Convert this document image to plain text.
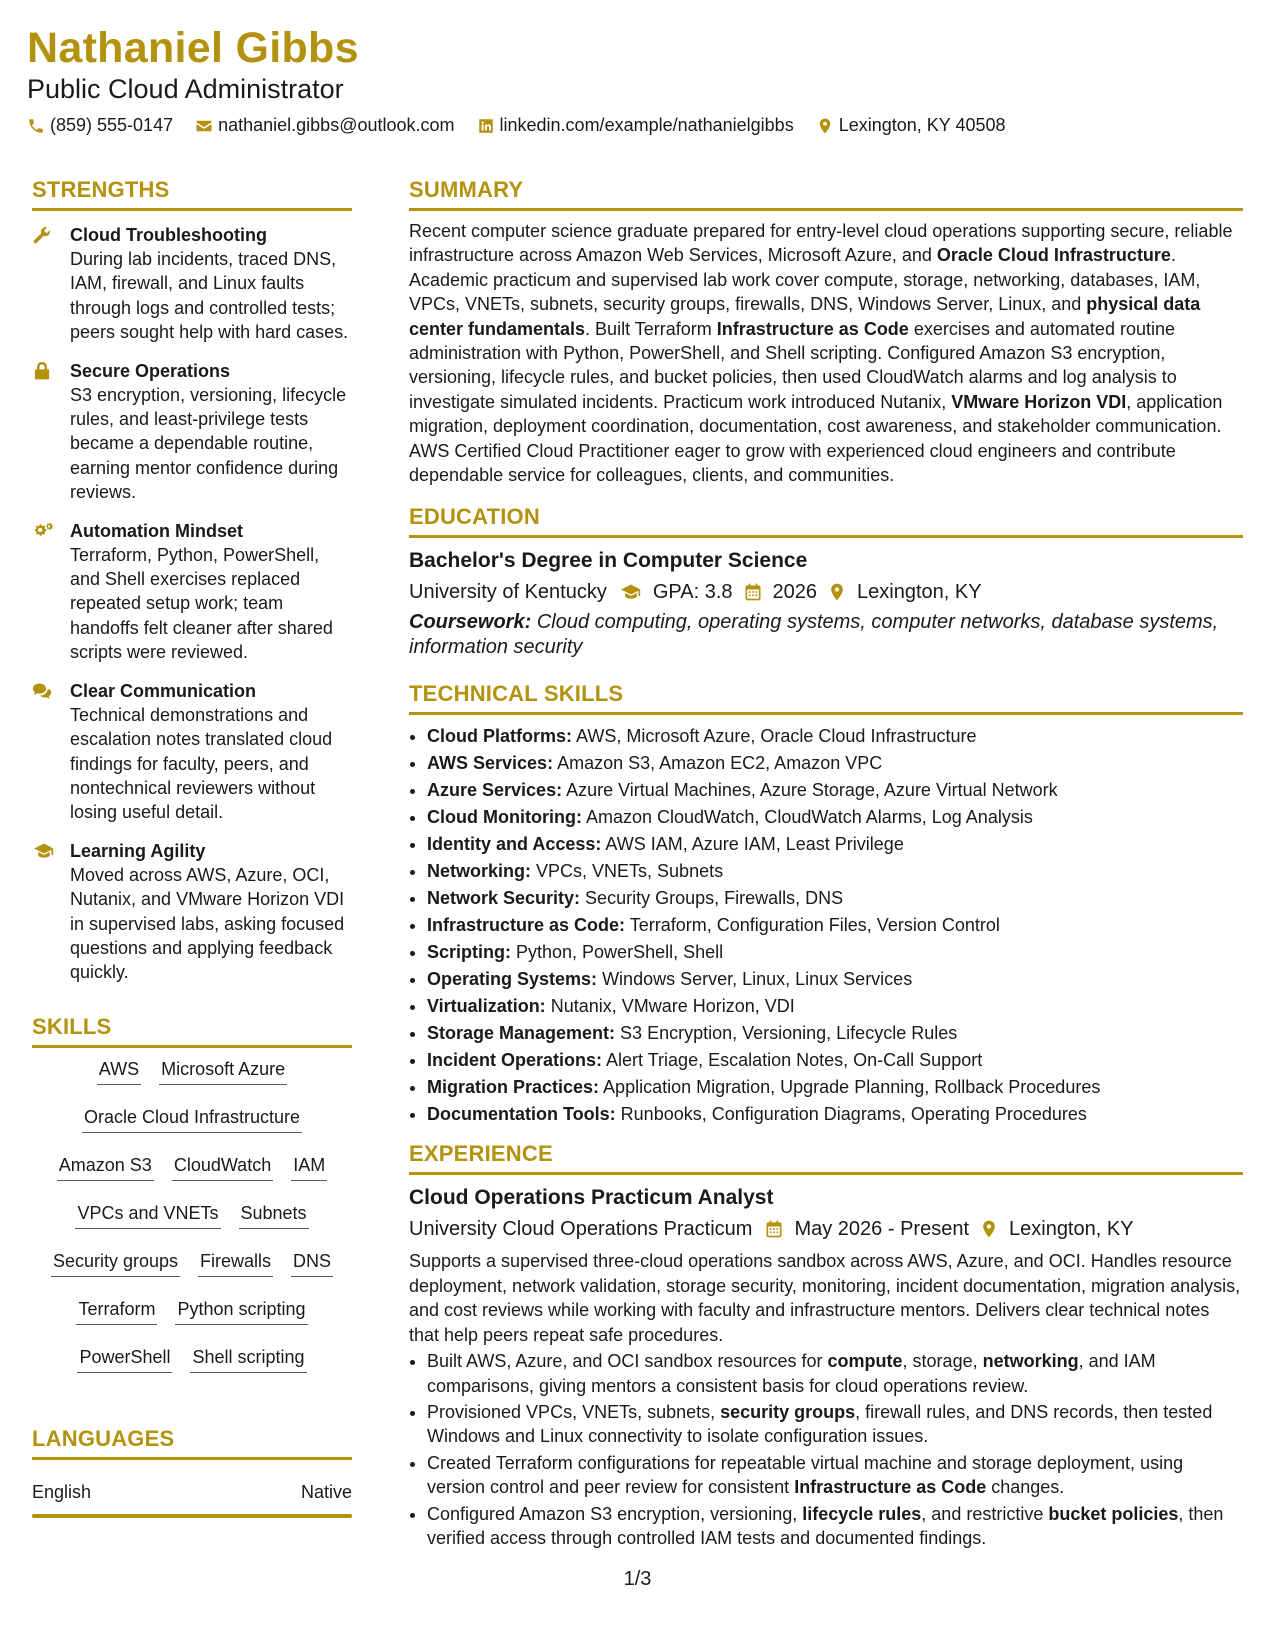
Nathaniel Gibbs
Public Cloud Administrator
(859) 555-0147	nathaniel.gibbs@outlook.com	linkedin.com/example/nathanielgibbs	Lexington, KY 40508
STRENGTHS
Cloud Troubleshooting
During lab incidents, traced DNS, IAM, firewall, and Linux faults through logs and controlled tests; peers sought help with hard cases.
Secure Operations
S3 encryption, versioning, lifecycle rules, and least-privilege tests became a dependable routine, earning mentor confidence during reviews.
Automation Mindset
Terraform, Python, PowerShell, and Shell exercises replaced repeated setup work; team handoffs felt cleaner after shared scripts were reviewed.
Clear Communication
Technical demonstrations and escalation notes translated cloud findings for faculty, peers, and nontechnical reviewers without losing useful detail.
Learning Agility
Moved across AWS, Azure, OCI, Nutanix, and VMware Horizon VDI in supervised labs, asking focused questions and applying feedback quickly.
SKILLS
AWS Microsoft Azure
Oracle Cloud Infrastructure
Amazon S3 CloudWatch IAM
VPCs and VNETs Subnets
Security groups Firewalls DNS
Terraform Python scripting
PowerShell Shell scripting
LANGUAGES
English	Native
SUMMARY
Recent computer science graduate prepared for entry-level cloud operations supporting secure, reliable infrastructure across Amazon Web Services, Microsoft Azure, and Oracle Cloud Infrastructure. Academic practicum and supervised lab work cover compute, storage, networking, databases, IAM, VPCs, VNETs, subnets, security groups, firewalls, DNS, Windows Server, Linux, and physical data center fundamentals. Built Terraform Infrastructure as Code exercises and automated routine administration with Python, PowerShell, and Shell scripting. Configured Amazon S3 encryption, versioning, lifecycle rules, and bucket policies, then used CloudWatch alarms and log analysis to investigate simulated incidents. Practicum work introduced Nutanix, VMware Horizon VDI, application migration, deployment coordination, documentation, cost awareness, and stakeholder communication. AWS Certified Cloud Practitioner eager to grow with experienced cloud engineers and contribute dependable service for colleagues, clients, and communities.
EDUCATION
Bachelor's Degree in Computer Science
University of Kentucky GPA: 3.8 2026 Lexington, KY
Coursework: Cloud computing, operating systems, computer networks, database systems, information security
TECHNICAL SKILLS
• Cloud Platforms: AWS, Microsoft Azure, Oracle Cloud Infrastructure
• AWS Services: Amazon S3, Amazon EC2, Amazon VPC
• Azure Services: Azure Virtual Machines, Azure Storage, Azure Virtual Network
• Cloud Monitoring: Amazon CloudWatch, CloudWatch Alarms, Log Analysis
• Identity and Access: AWS IAM, Azure IAM, Least Privilege
• Networking: VPCs, VNETs, Subnets
• Network Security: Security Groups, Firewalls, DNS
• Infrastructure as Code: Terraform, Configuration Files, Version Control
• Scripting: Python, PowerShell, Shell
• Operating Systems: Windows Server, Linux, Linux Services
• Virtualization: Nutanix, VMware Horizon, VDI
• Storage Management: S3 Encryption, Versioning, Lifecycle Rules
• Incident Operations: Alert Triage, Escalation Notes, On-Call Support
• Migration Practices: Application Migration, Upgrade Planning, Rollback Procedures
• Documentation Tools: Runbooks, Configuration Diagrams, Operating Procedures
EXPERIENCE
Cloud Operations Practicum Analyst
University Cloud Operations Practicum May 2026 - Present Lexington, KY
Supports a supervised three-cloud operations sandbox across AWS, Azure, and OCI. Handles resource deployment, network validation, storage security, monitoring, incident documentation, migration analysis, and cost reviews while working with faculty and infrastructure mentors. Delivers clear technical notes that help peers repeat safe procedures.
• Built AWS, Azure, and OCI sandbox resources for compute, storage, networking, and IAM comparisons, giving mentors a consistent basis for cloud operations review.
• Provisioned VPCs, VNETs, subnets, security groups, firewall rules, and DNS records, then tested Windows and Linux connectivity to isolate configuration issues.
• Created Terraform configurations for repeatable virtual machine and storage deployment, using version control and peer review for consistent Infrastructure as Code changes.
• Configured Amazon S3 encryption, versioning, lifecycle rules, and restrictive bucket policies, then verified access through controlled IAM tests and documented findings.
1/3
